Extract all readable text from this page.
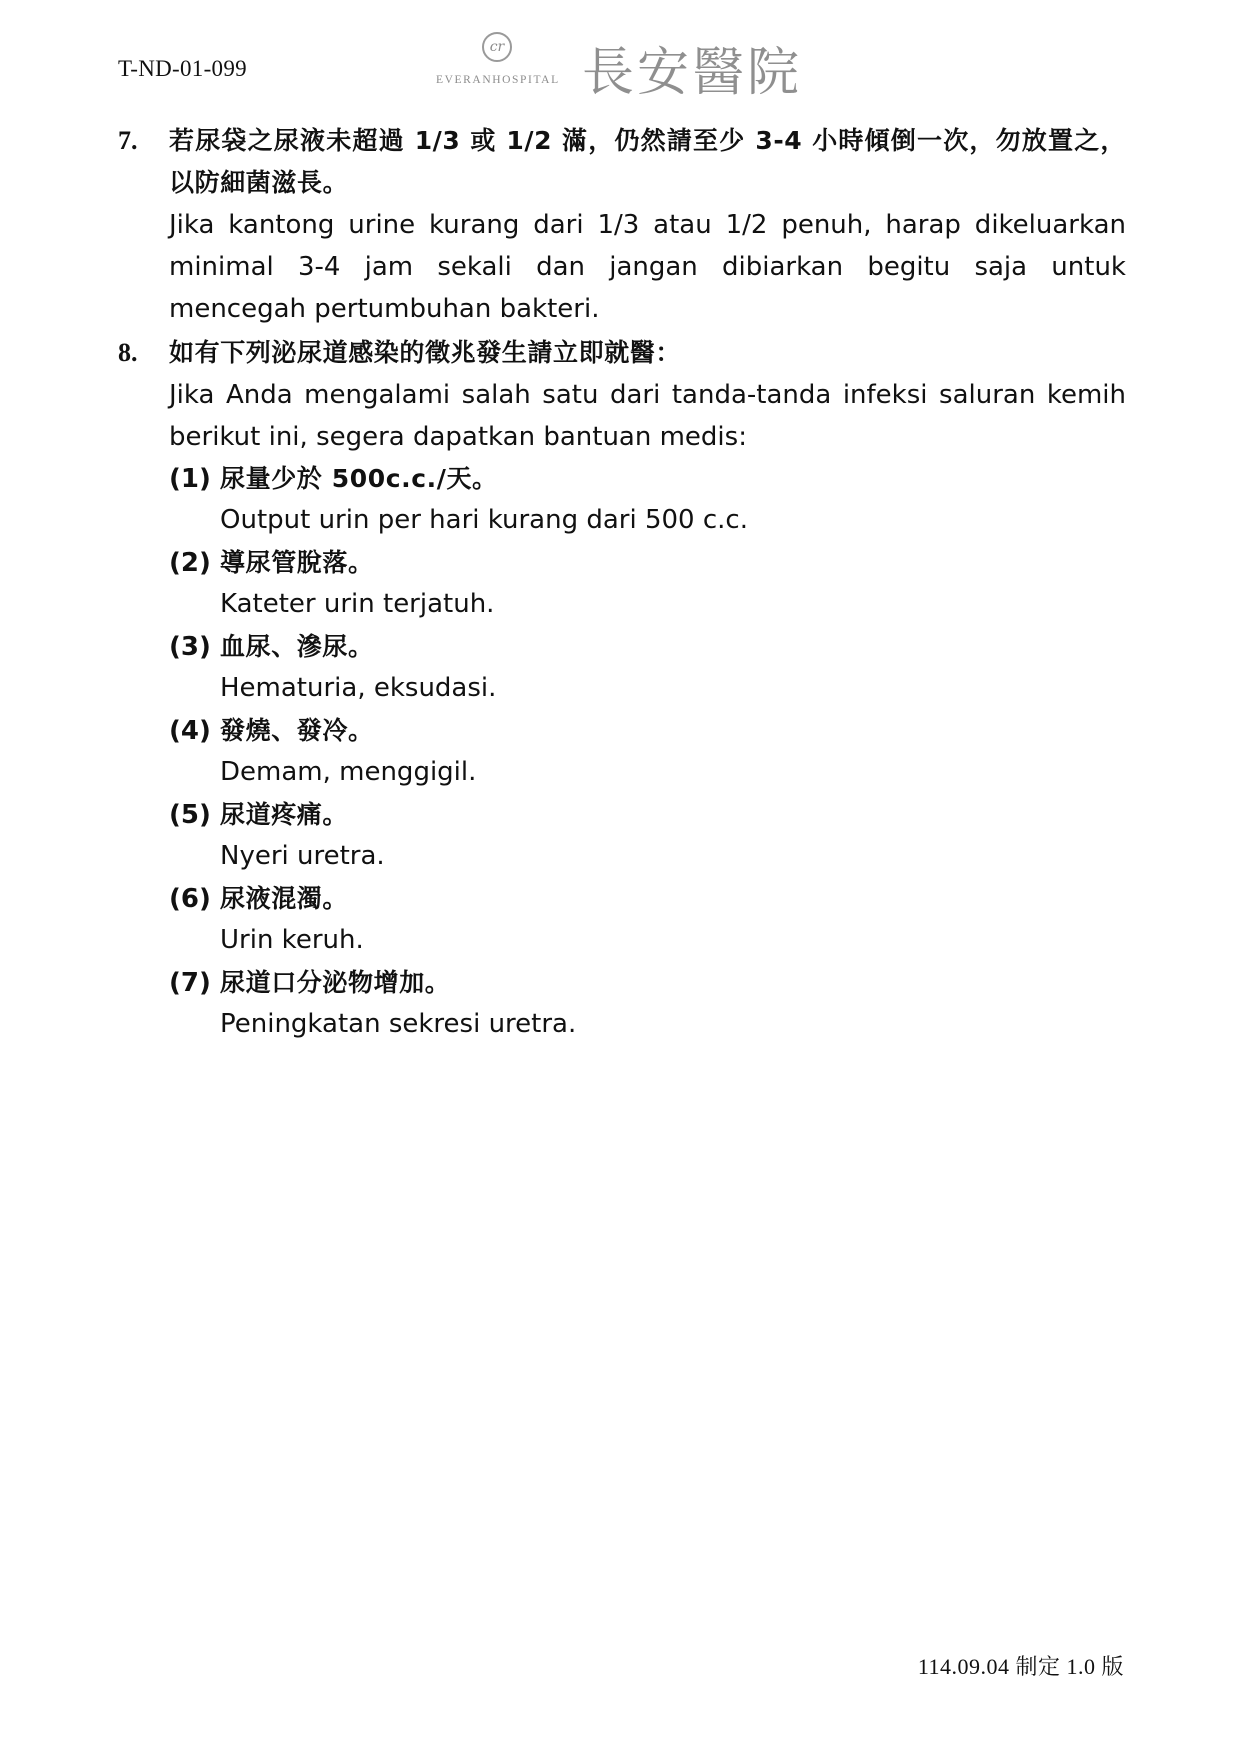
T-ND-01-099
cr
EVERANHOSPITAL 長安醫院
7. 若尿袋之尿液未超過 1/3 或 1/2 滿，仍然請至少 3-4 小時傾倒一次，勿放置之，以防細菌滋長。
Jika kantong urine kurang dari 1/3 atau 1/2 penuh, harap dikeluarkan minimal 3-4 jam sekali dan jangan dibiarkan begitu saja untuk mencegah pertumbuhan bakteri.
8. 如有下列泌尿道感染的徵兆發生請立即就醫：
Jika Anda mengalami salah satu dari tanda-tanda infeksi saluran kemih berikut ini, segera dapatkan bantuan medis:
(1) 尿量少於 500c.c./天。
Output urin per hari kurang dari 500 c.c.
(2) 導尿管脫落。
Kateter urin terjatuh.
(3) 血尿、滲尿。
Hematuria, eksudasi.
(4) 發燒、發冷。
Demam, menggigil.
(5) 尿道疼痛。
Nyeri uretra.
(6) 尿液混濁。
Urin keruh.
(7) 尿道口分泌物增加。
Peningkatan sekresi uretra.
114.09.04 制定 1.0 版
